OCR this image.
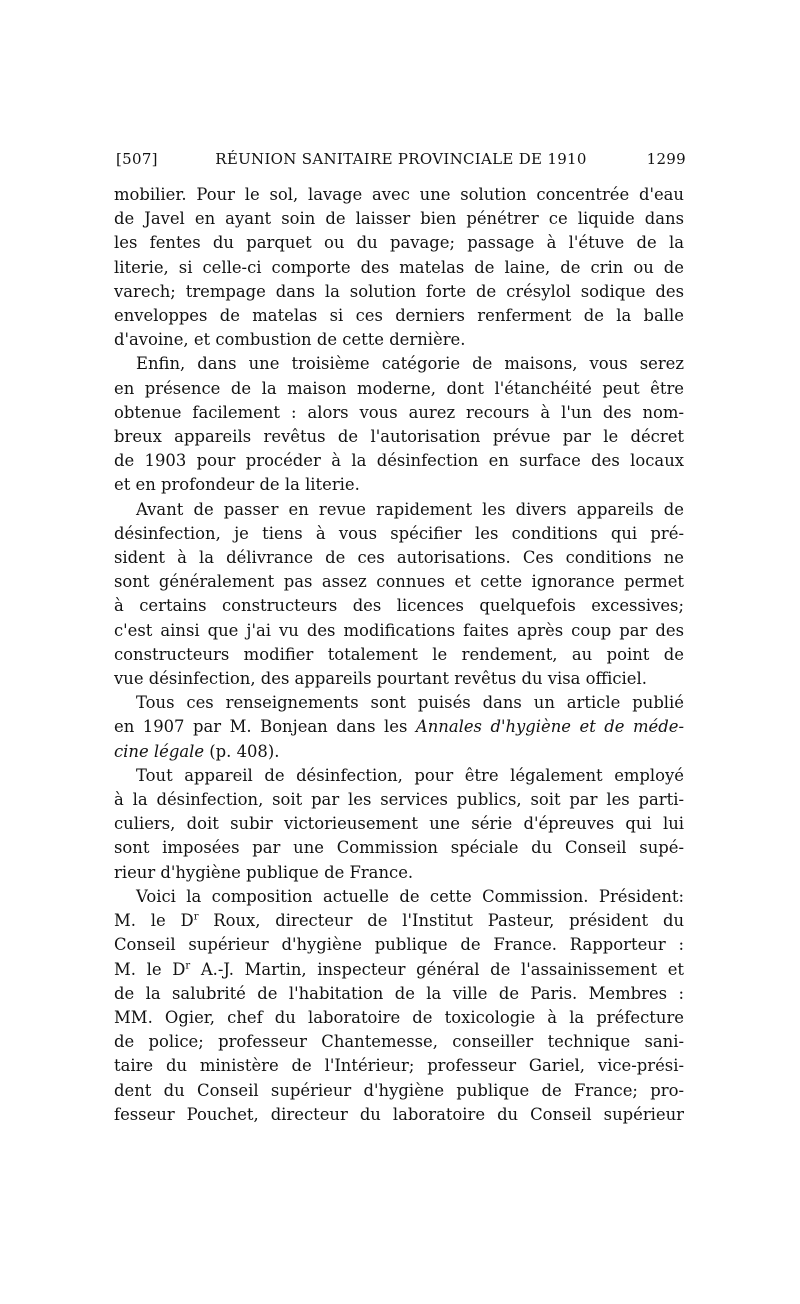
[507]	RÉUNION SANITAIRE PROVINCIALE DE 1910	1299

mobilier. Pour le sol, lavage avec une solution concentrée d'eau
de Javel en ayant soin de laisser bien pénétrer ce liquide dans
les fentes du parquet ou du pavage; passage à l'étuve de la
literie, si celle-ci comporte des matelas de laine, de crin ou de
varech; trempage dans la solution forte de crésylol sodique des
enveloppes de matelas si ces derniers renferment de la balle
d'avoine, et combustion de cette dernière.

Enfin, dans une troisième catégorie de maisons, vous serez
en présence de la maison moderne, dont l'étanchéité peut être
obtenue facilement : alors vous aurez recours à l'un des nom-
breux appareils revêtus de l'autorisation prévue par le décret
de 1903 pour procéder à la désinfection en surface des locaux
et en profondeur de la literie.

Avant de passer en revue rapidement les divers appareils de
désinfection, je tiens à vous spécifier les conditions qui pré-
sident à la délivrance de ces autorisations. Ces conditions ne
sont généralement pas assez connues et cette ignorance permet
à certains constructeurs des licences quelquefois excessives;
c'est ainsi que j'ai vu des modifications faites après coup par des
constructeurs modifier totalement le rendement, au point de
vue désinfection, des appareils pourtant revêtus du visa officiel.

Tous ces renseignements sont puisés dans un article publié
en 1907 par M. Bonjean dans les Annales d'hygiène et de méde-
cine légale (p. 408).

Tout appareil de désinfection, pour être légalement employé
à la désinfection, soit par les services publics, soit par les parti-
culiers, doit subir victorieusement une série d'épreuves qui lui
sont imposées par une Commission spéciale du Conseil supé-
rieur d'hygiène publique de France.

Voici la composition actuelle de cette Commission. Président:
M. le $D^r$ Roux, directeur de l'Institut Pasteur, président du
Conseil supérieur d'hygiène publique de France. Rapporteur :
M. le $D^r$ A.-J. Martin, inspecteur général de l'assainissement et
de la salubrité de l'habitation de la ville de Paris. Membres :
MM. Ogier, chef du laboratoire de toxicologie à la préfecture
de police; professeur Chantemesse, conseiller technique sani-
taire du ministère de l'Intérieur; professeur Gariel, vice-prési-
dent du Conseil supérieur d'hygiène publique de France; pro-
fesseur Pouchet, directeur du laboratoire du Conseil supérieur
